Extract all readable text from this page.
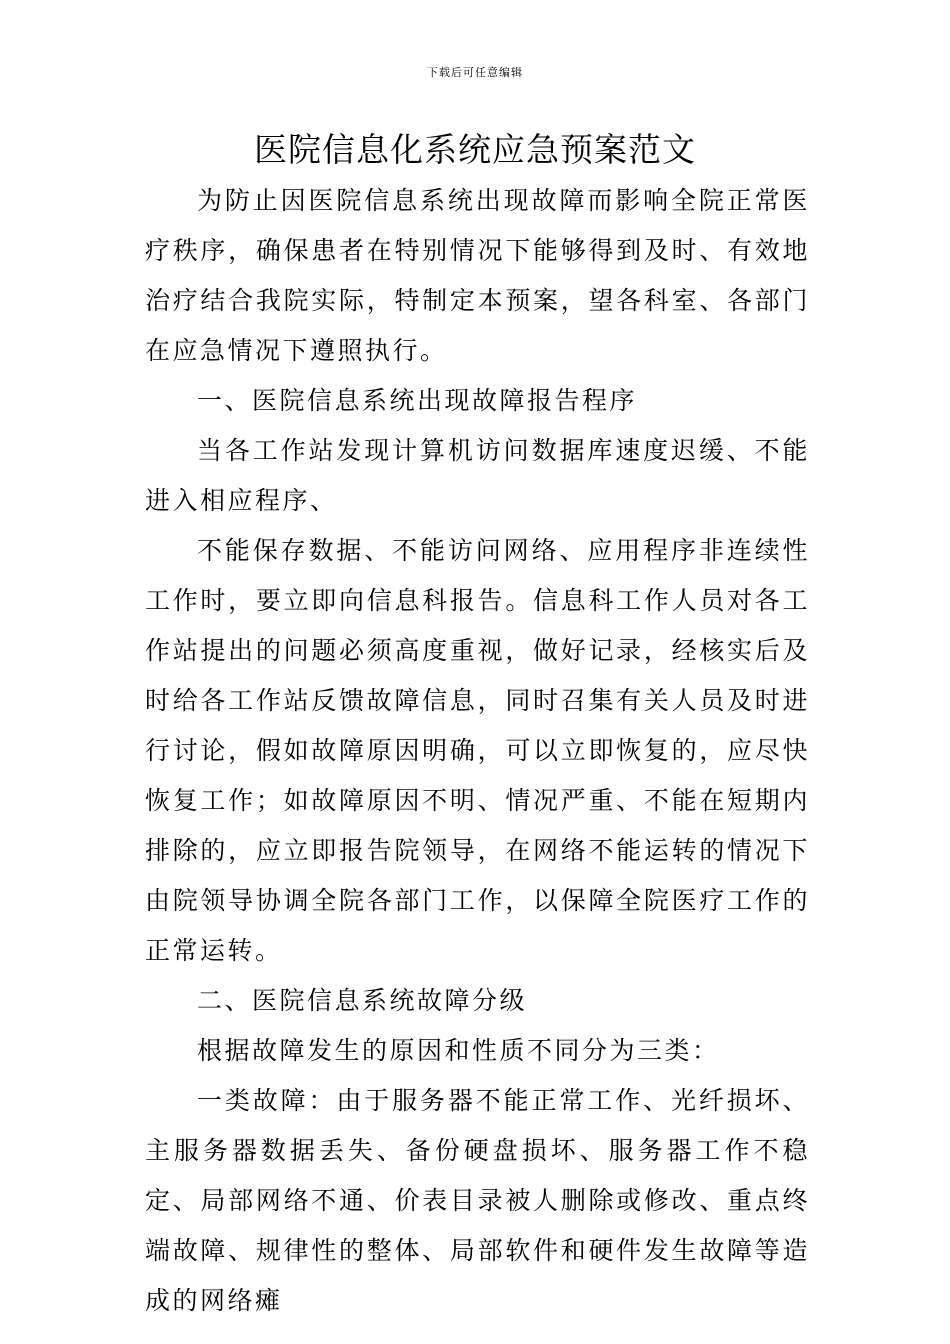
下载后可任意编辑
医院信息化系统应急预案范文

为防止因医院信息系统出现故障而影响全院正常医疗秩序，确保患者在特别情况下能够得到及时、有效地治疗结合我院实际，特制定本预案，望各科室、各部门在应急情况下遵照执行。

一、医院信息系统出现故障报告程序

当各工作站发现计算机访问数据库速度迟缓、不能进入相应程序、

不能保存数据、不能访问网络、应用程序非连续性工作时，要立即向信息科报告。信息科工作人员对各工作站提出的问题必须高度重视，做好记录，经核实后及时给各工作站反馈故障信息，同时召集有关人员及时进行讨论，假如故障原因明确，可以立即恢复的，应尽快恢复工作；如故障原因不明、情况严重、不能在短期内排除的，应立即报告院领导，在网络不能运转的情况下由院领导协调全院各部门工作，以保障全院医疗工作的正常运转。

二、医院信息系统故障分级

根据故障发生的原因和性质不同分为三类：

一类故障：由于服务器不能正常工作、光纤损坏、主服务器数据丢失、备份硬盘损坏、服务器工作不稳定、局部网络不通、价表目录被人删除或修改、重点终端故障、规律性的整体、局部软件和硬件发生故障等造成的网络瘫
